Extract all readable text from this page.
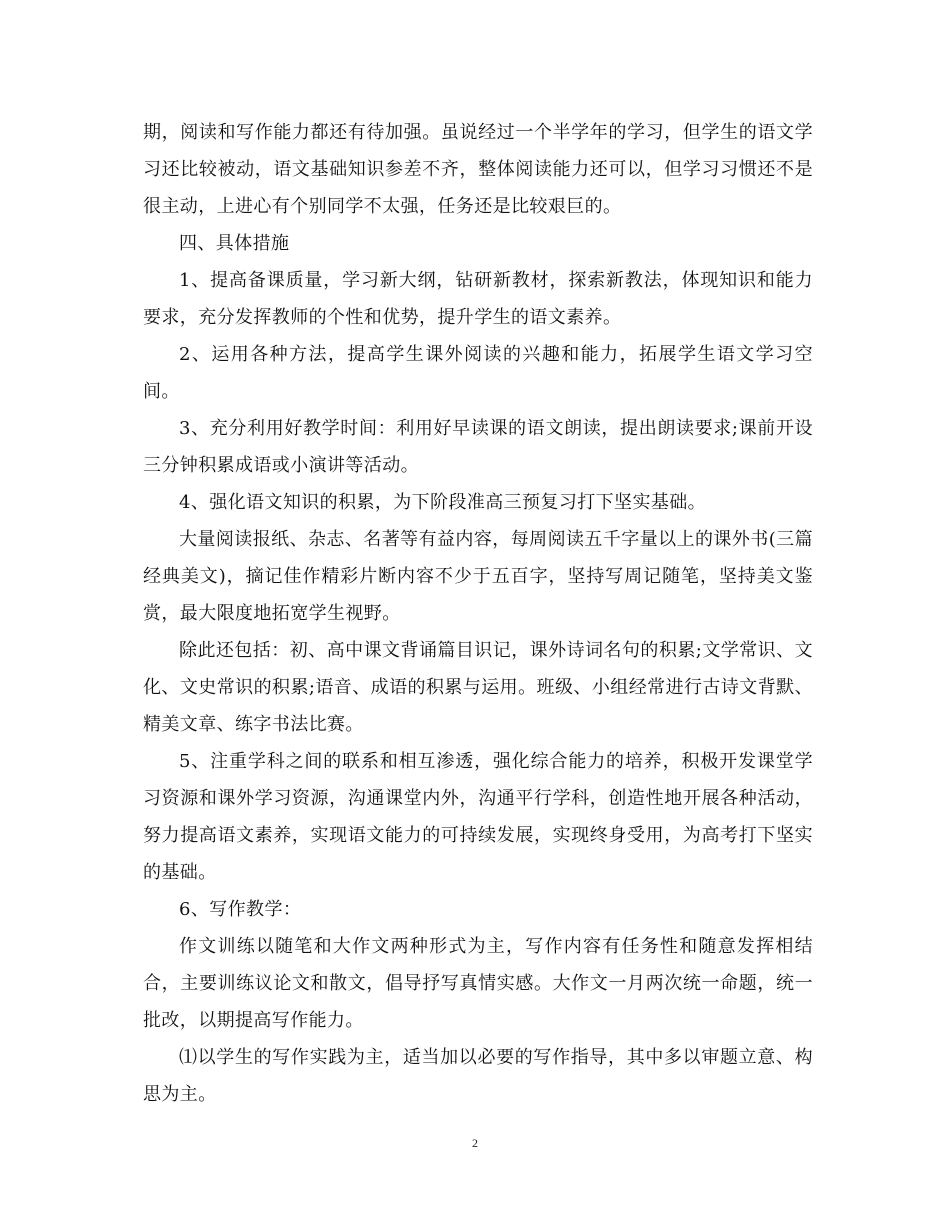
期，阅读和写作能力都还有待加强。虽说经过一个半学年的学习，但学生的语文学习还比较被动，语文基础知识参差不齐，整体阅读能力还可以，但学习习惯还不是很主动，上进心有个别同学不太强，任务还是比较艰巨的。

四、具体措施

1、提高备课质量，学习新大纲，钻研新教材，探索新教法，体现知识和能力要求，充分发挥教师的个性和优势，提升学生的语文素养。

2、运用各种方法，提高学生课外阅读的兴趣和能力，拓展学生语文学习空间。

3、充分利用好教学时间：利用好早读课的语文朗读，提出朗读要求;课前开设三分钟积累成语或小演讲等活动。

4、强化语文知识的积累，为下阶段准高三预复习打下坚实基础。

大量阅读报纸、杂志、名著等有益内容，每周阅读五千字量以上的课外书(三篇经典美文)，摘记佳作精彩片断内容不少于五百字，坚持写周记随笔，坚持美文鉴赏，最大限度地拓宽学生视野。

除此还包括：初、高中课文背诵篇目识记，课外诗词名句的积累;文学常识、文化、文史常识的积累;语音、成语的积累与运用。班级、小组经常进行古诗文背默、精美文章、练字书法比赛。

5、注重学科之间的联系和相互渗透，强化综合能力的培养，积极开发课堂学习资源和课外学习资源，沟通课堂内外，沟通平行学科，创造性地开展各种活动，努力提高语文素养，实现语文能力的可持续发展，实现终身受用，为高考打下坚实的基础。

6、写作教学：

作文训练以随笔和大作文两种形式为主，写作内容有任务性和随意发挥相结合，主要训练议论文和散文，倡导抒写真情实感。大作文一月两次统一命题，统一批改，以期提高写作能力。

⑴以学生的写作实践为主，适当加以必要的写作指导，其中多以审题立意、构思为主。

2
